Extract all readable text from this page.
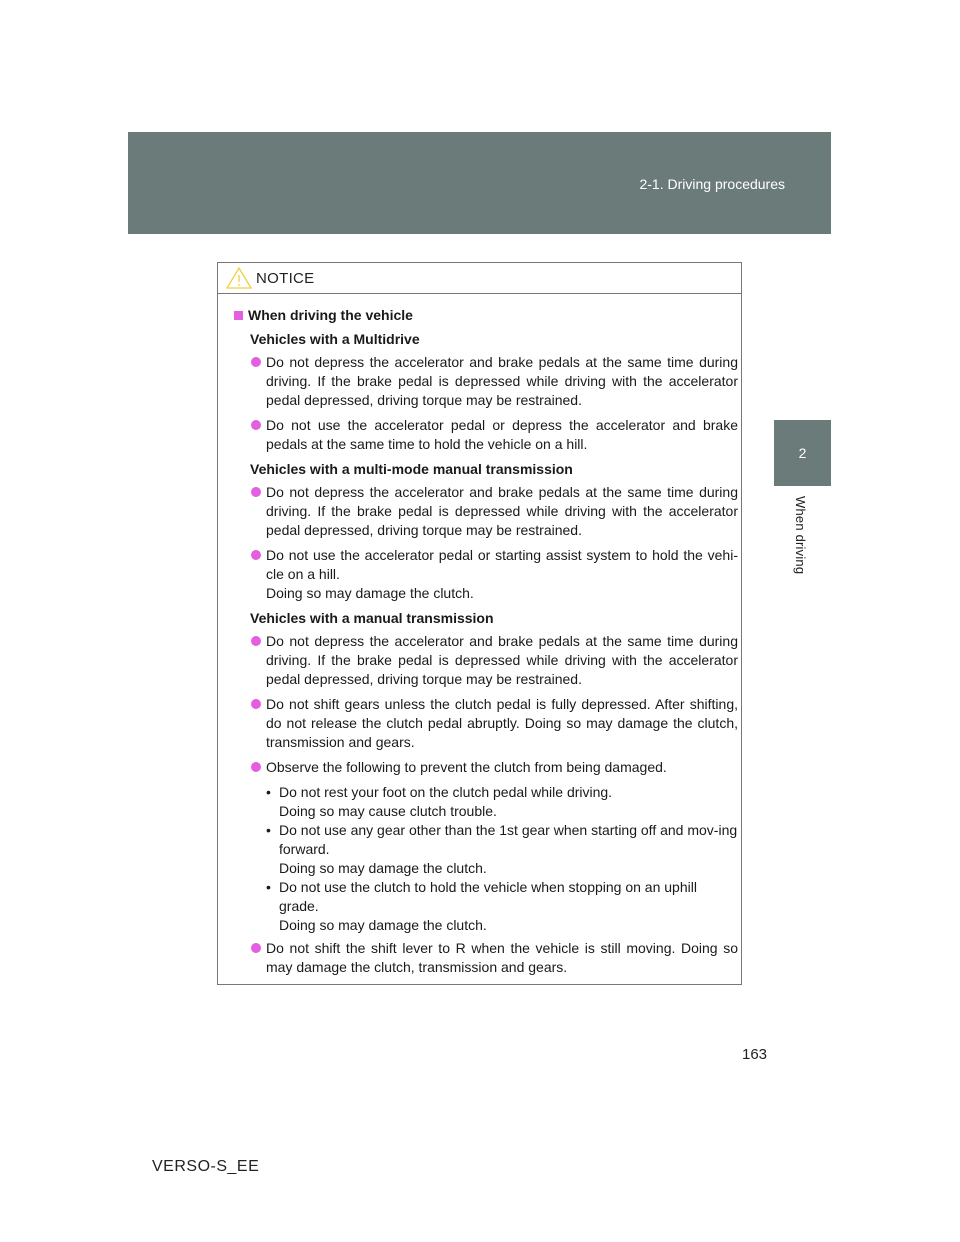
2-1. Driving procedures
2
When driving
NOTICE
When driving the vehicle
Vehicles with a Multidrive
Do not depress the accelerator and brake pedals at the same time during driving. If the brake pedal is depressed while driving with the accelerator pedal depressed, driving torque may be restrained.
Do not use the accelerator pedal or depress the accelerator and brake pedals at the same time to hold the vehicle on a hill.
Vehicles with a multi-mode manual transmission
Do not depress the accelerator and brake pedals at the same time during driving. If the brake pedal is depressed while driving with the accelerator pedal depressed, driving torque may be restrained.
Do not use the accelerator pedal or starting assist system to hold the vehi-cle on a hill.
Doing so may damage the clutch.
Vehicles with a manual transmission
Do not depress the accelerator and brake pedals at the same time during driving. If the brake pedal is depressed while driving with the accelerator pedal depressed, driving torque may be restrained.
Do not shift gears unless the clutch pedal is fully depressed. After shifting, do not release the clutch pedal abruptly. Doing so may damage the clutch, transmission and gears.
Observe the following to prevent the clutch from being damaged.
• Do not rest your foot on the clutch pedal while driving.
Doing so may cause clutch trouble.
• Do not use any gear other than the 1st gear when starting off and mov-ing forward.
Doing so may damage the clutch.
• Do not use the clutch to hold the vehicle when stopping on an uphill grade.
Doing so may damage the clutch.
Do not shift the shift lever to R when the vehicle is still moving. Doing so may damage the clutch, transmission and gears.
163
VERSO-S_EE
